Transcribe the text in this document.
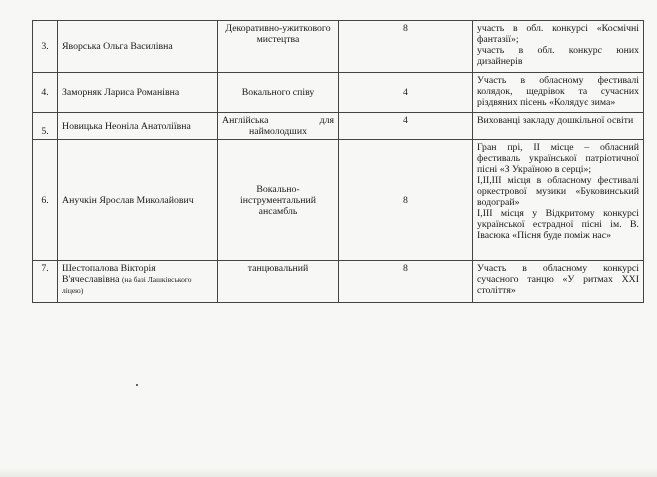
3.	Яворська Ольга Василівна	Декоративно-ужиткового мистецтва	8	участь в обл. конкурсі «Космічні фантазії»;
участь в обл. конкурс юних дизайнерів

4.	Заморняк Лариса Романівна	Вокального співу	4	Участь в обласному фестивалі колядок, щедрівок та сучасних різдвяних пісень «Колядує зима»

5.	Новицька Неоніла Анатоліївна	Англійська для
наймолодших	4	Вихованці закладу дошкільної освіти

6.	Анучкін Ярослав Миколайович	Вокально-інструментальний ансамбль	8	Гран прі, ІІ місце – обласний фестиваль української патріотичної пісні «З Україною в серці»;
І,ІІ,ІІІ місця в обласному фестивалі оркестрової музики «Буковинський водограй»
І,ІІІ місця у Відкритому конкурсі української естрадної пісні ім. В. Івасюка «Пісня буде поміж нас»

7.	Шестопалова Вікторія В'ячеславівна (на базі Лашківського ліцею)	танцювальний	8	Участь в обласному конкурсі сучасного танцю «У ритмах ХХІ століття»
